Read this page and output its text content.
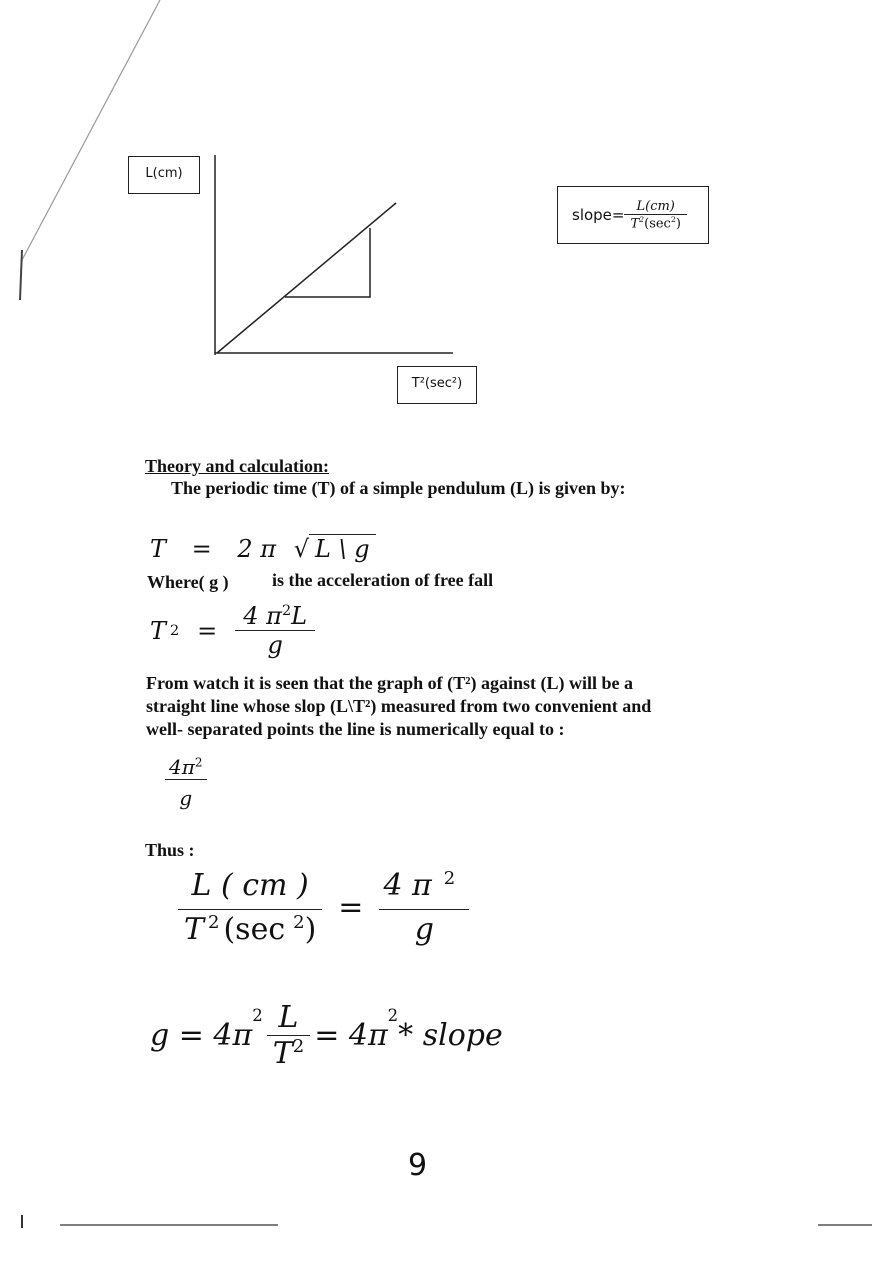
L(cm)
T²(sec²)
slope= $\frac{L(cm)}{T^2(\sec^2)}$
Theory and calculation:
The periodic time (T) of a simple pendulum (L) is given by:
T = 2 π √ L \ g
Where( g ) is the acceleration of free fall
T $2 = \frac{4 \pi^2L}{g}$
From watch it is seen that the graph of (T²) against (L) will be a
straight line whose slop (L\T²) measured from two convenient and
well- separated points the line is numerically equal to :
$\frac{4\pi^2}{g}$
Thus :
$\frac{L ( cm )}{T ^2 (\sec ^2)} = \frac{4 \pi ^2}{g}$
g = 4π
$^2 \frac{L}{T^2} = 4\pi$
$^2$
* slope
9
